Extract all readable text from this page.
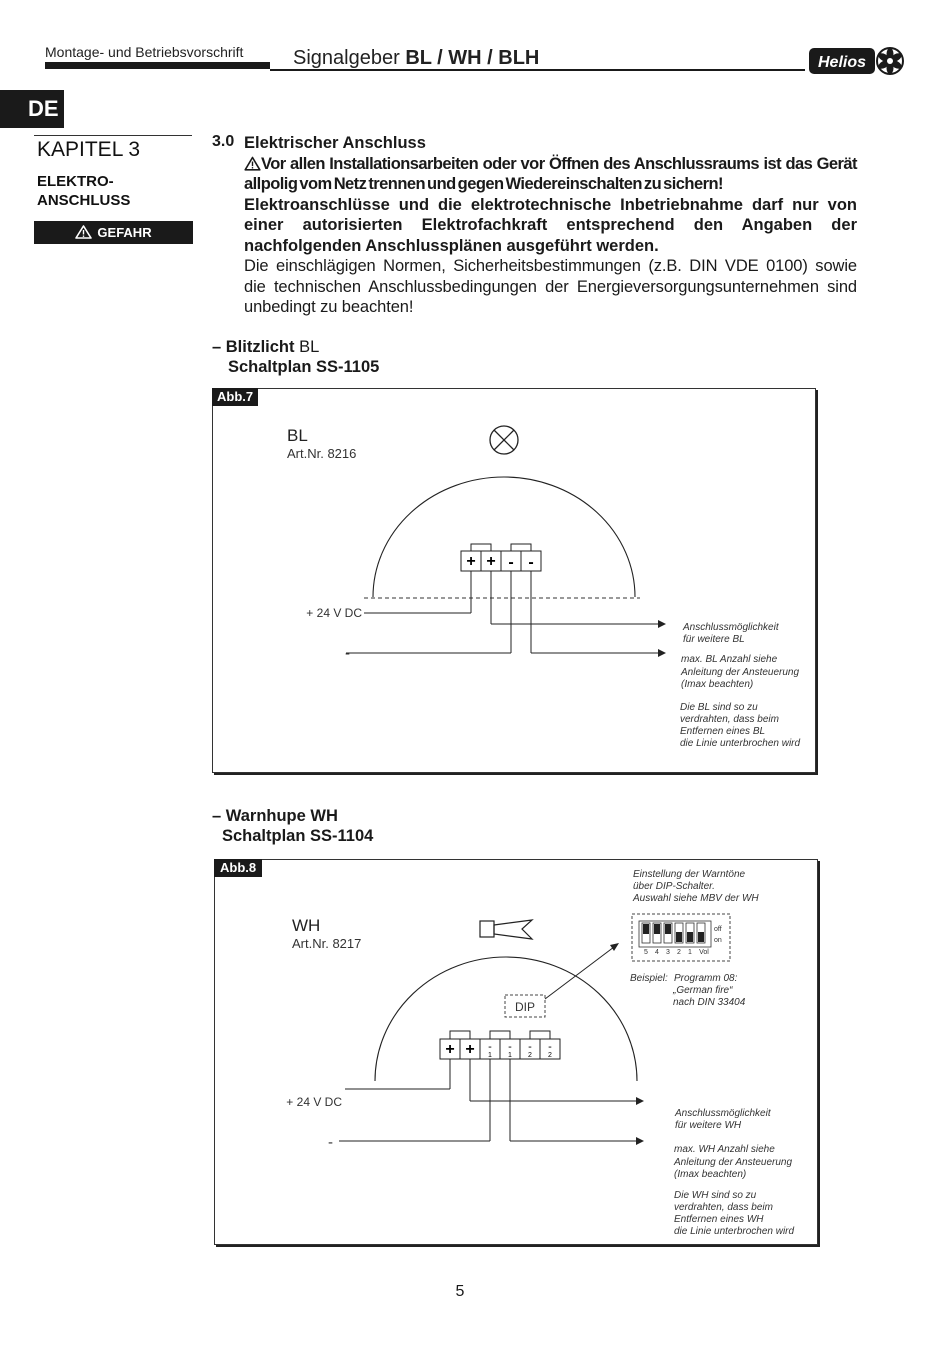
Montage- und Betriebsvorschrift Signalgeber BL / WH / BLH	Helios
DE
KAPITEL 3
ELEKTRO-
ANSCHLUSS
GEFAHR
3.0 Elektrischer Anschluss
Vor allen Installationsarbeiten oder vor Öffnen des Anschlussraums ist das Gerät allpolig vom Netz trennen und gegen Wiedereinschalten zu sichern!
Elektroanschlüsse und die elektrotechnische Inbetriebnahme darf nur von einer autorisierten Elektrofachkraft entsprechend den Angaben der nachfolgenden Anschlussplänen ausgeführt werden.
Die einschlägigen Normen, Sicherheitsbestimmungen (z.B. DIN VDE 0100) sowie die technischen Anschlussbedingungen der Energieversorgungsunternehmen sind unbedingt zu beachten!
– Blitzlicht BL
Schaltplan SS-1105
Abb.7
BL
Art.Nr. 8216
+ + - -
+ 24 V DC
-
Anschlussmöglichkeit
für weitere BL
max. BL Anzahl siehe
Anleitung der Ansteuerung
(Imax beachten)
Die BL sind so zu
verdrahten, dass beim
Entfernen eines BL
die Linie unterbrochen wird
– Warnhupe WH
Schaltplan SS-1104
Abb.8
WH
Art.Nr. 8217
DIP
+ + - - - -
1 1 2 2
+ 24 V DC
-
Einstellung der Warntöne
über DIP-Schalter.
Auswahl siehe MBV der WH
Beispiel: Programm 08:
„German fire“
nach DIN 33404
off
on
5 4 3 2 1 Vol
Anschlussmöglichkeit
für weitere WH
max. WH Anzahl siehe
Anleitung der Ansteuerung
(Imax beachten)
Die WH sind so zu
verdrahten, dass beim
Entfernen eines WH
die Linie unterbrochen wird
5
